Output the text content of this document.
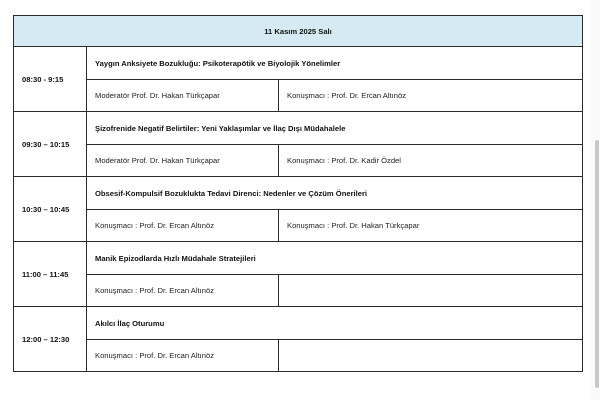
11 Kasım 2025 Salı		
08:30 - 9:15	Yaygın Anksiyete Bozukluğu: Psikoterapötik ve Biyolojik Yönelimler	
	Moderatör Prof. Dr. Hakan Türkçapar	Konuşmacı : Prof. Dr. Ercan Altınöz
09:30 – 10:15	Şizofrenide Negatif Belirtiler: Yeni Yaklaşımlar ve İlaç Dışı Müdahalele	
	Moderatör Prof. Dr. Hakan Türkçapar	Konuşmacı : Prof. Dr. Kadir Özdel
10:30 – 10:45	Obsesif-Kompulsif Bozuklukta Tedavi Direnci: Nedenler ve Çözüm Önerileri	
	Konuşmacı : Prof. Dr. Ercan Altınöz	Konuşmacı : Prof. Dr. Hakan Türkçapar
11:00 – 11:45	Manik Epizodlarda Hızlı Müdahale Stratejileri	
	Konuşmacı : Prof. Dr. Ercan Altınöz	
12:00 – 12:30	Akılcı İlaç Oturumu	
	Konuşmacı : Prof. Dr. Ercan Altınöz	
